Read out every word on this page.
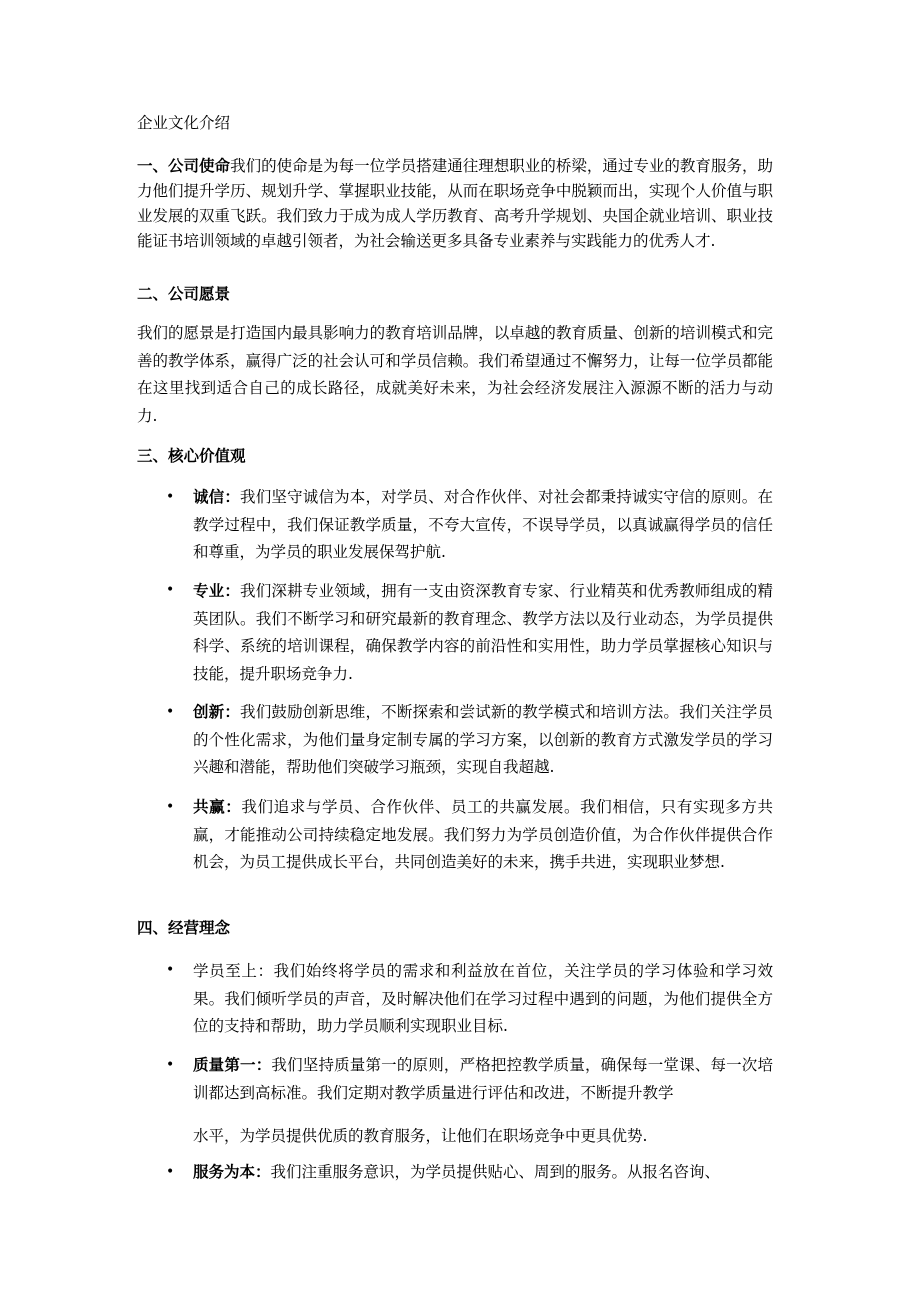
企业文化介绍
一、公司使命我们的使命是为每一位学员搭建通往理想职业的桥梁，通过专业的教育服务，助力他们提升学历、规划升学、掌握职业技能，从而在职场竞争中脱颖而出，实现个人价值与职业发展的双重飞跃。我们致力于成为成人学历教育、高考升学规划、央国企就业培训、职业技能证书培训领域的卓越引领者，为社会输送更多具备专业素养与实践能力的优秀人才.
二、公司愿景
我们的愿景是打造国内最具影响力的教育培训品牌，以卓越的教育质量、创新的培训模式和完善的教学体系，赢得广泛的社会认可和学员信赖。我们希望通过不懈努力，让每一位学员都能在这里找到适合自己的成长路径，成就美好未来，为社会经济发展注入源源不断的活力与动力.
三、核心价值观
•	诚信：我们坚守诚信为本，对学员、对合作伙伴、对社会都秉持诚实守信的原则。在教学过程中，我们保证教学质量，不夸大宣传，不误导学员，以真诚赢得学员的信任和尊重，为学员的职业发展保驾护航.
•	专业：我们深耕专业领域，拥有一支由资深教育专家、行业精英和优秀教师组成的精英团队。我们不断学习和研究最新的教育理念、教学方法以及行业动态，为学员提供科学、系统的培训课程，确保教学内容的前沿性和实用性，助力学员掌握核心知识与技能，提升职场竞争力.
•	创新：我们鼓励创新思维，不断探索和尝试新的教学模式和培训方法。我们关注学员的个性化需求，为他们量身定制专属的学习方案，以创新的教育方式激发学员的学习兴趣和潜能，帮助他们突破学习瓶颈，实现自我超越.
•	共赢：我们追求与学员、合作伙伴、员工的共赢发展。我们相信，只有实现多方共赢，才能推动公司持续稳定地发展。我们努力为学员创造价值，为合作伙伴提供合作机会，为员工提供成长平台，共同创造美好的未来，携手共进，实现职业梦想.
四、经营理念
•	学员至上：我们始终将学员的需求和利益放在首位，关注学员的学习体验和学习效果。我们倾听学员的声音，及时解决他们在学习过程中遇到的问题，为他们提供全方位的支持和帮助，助力学员顺利实现职业目标.
•	质量第一：我们坚持质量第一的原则，严格把控教学质量，确保每一堂课、每一次培训都达到高标准。我们定期对教学质量进行评估和改进，不断提升教学
水平，为学员提供优质的教育服务，让他们在职场竞争中更具优势.
•	服务为本：我们注重服务意识，为学员提供贴心、周到的服务。从报名咨询、
